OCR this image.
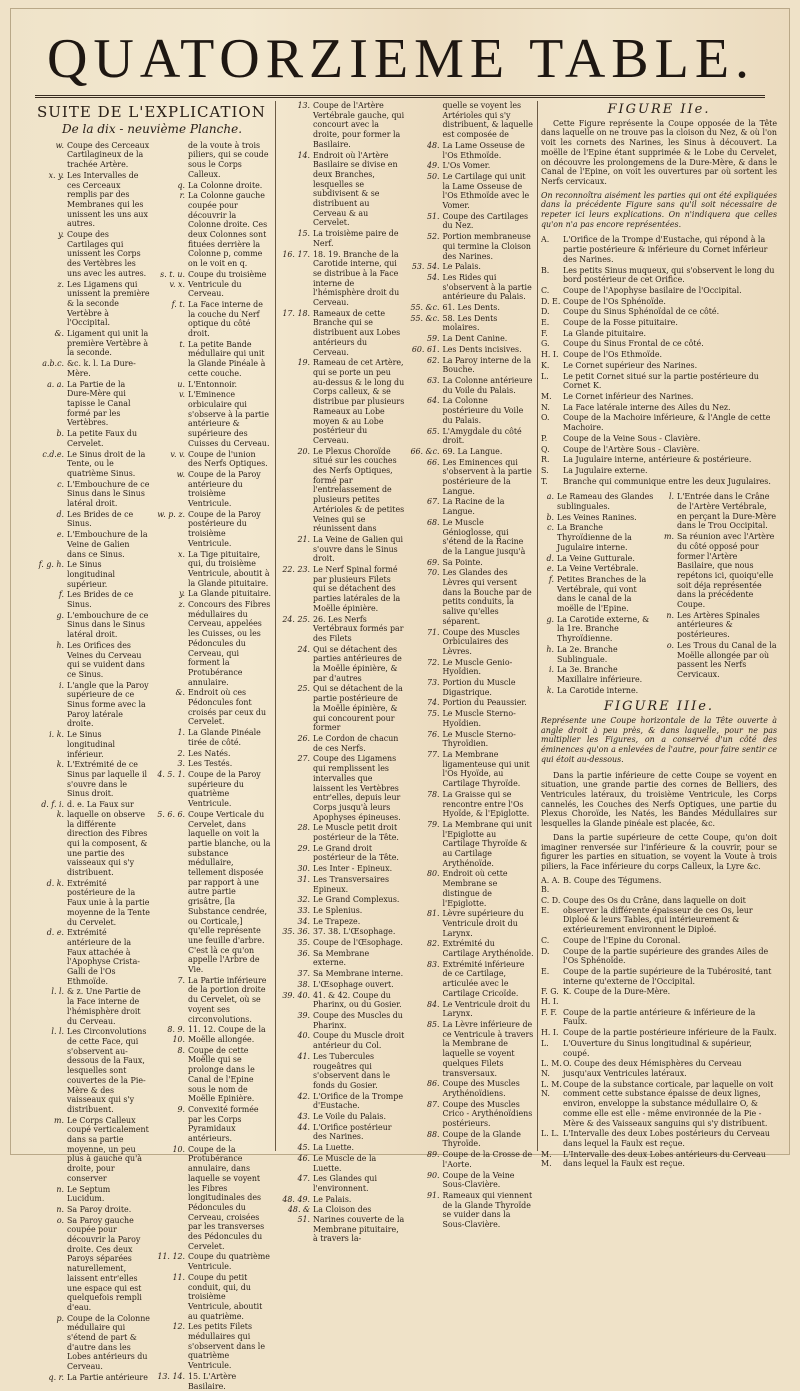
QUATORZIEME TABLE.
SUITE DE L'EXPLICATION
De la dix - neuvième Planche.
w. Coupe des Cerceaux Cartilagineux de la trachée Artère.
x. y. Les Intervalles de ces Cerceaux remplis par des Membranes qui les unissent les uns aux autres.
y. Coupe des Cartilages qui unissent les Corps des Vertèbres les uns avec les autres.
z. Les Ligamens qui unissent la première & la seconde Vertèbre à l'Occipital.
&. Ligament qui unit la première Vertèbre à la seconde.
a.b.c. &c. k. l. La Dure-Mère.
a. a. La Partie de la Dure-Mère qui tapisse le Canal formé par les Vertèbres.
b. La petite Faux du Cervelet.
c.d.e. Le Sinus droit de la Tente, ou le quatrième Sinus.
c. L'Embouchure de ce Sinus dans le Sinus latéral droit.
d. Les Brides de ce Sinus.
e. L'Embouchure de la Veine de Galien dans ce Sinus.
f. g. h. Le Sinus longitudinal supérieur.
f. Les Brides de ce Sinus.
g. L'embouchure de ce Sinus dans le Sinus latéral droit.
h. Les Orifices des Veines du Cerveau qui se vuident dans ce Sinus.
i. L'angle que la Paroy supérieure de ce Sinus forme avec la Paroy latérale droite.
i. k. Le Sinus longitudinal inférieur.
k. L'Extrémité de ce Sinus par laquelle il s'ouvre dans le Sinus droit.
d. f. i. k.
d. e. La Faux sur laquelle on observe la différente direction des Fibres qui la composent, & une partie des vaisseaux qui s'y distribuent.
d. k. Extrémité postérieure de la Faux unie à la partie moyenne de la Tente du Cervelet.
d. e. Extrémité antérieure de la Faux attachée à l'Apophyse Crista-Galli de l'Os Ethmoïde.
l. l. & z. Une Partie de la Face interne de l'hémisphère droit du Cerveau.
l. l. Les Circonvolutions de cette Face, qui s'observent au-dessous de la Faux, lesquelles sont couvertes de la Pie-Mère & des vaisseaux qui s'y distribuent.
m. Le Corps Calleux coupé verticalement dans sa partie moyenne, un peu plus à gauche qu'à droite, pour conserver
n. Le Septum Lucidum.
n. Sa Paroy droite.
o. Sa Paroy gauche coupée pour découvrir la Paroy droite. Ces deux Paroys séparées naturellement, laissent entr'elles une espace qui est quelquefois rempli d'eau.
p. Coupe de la Colonne médullaire qui s'étend de part & d'autre dans les Lobes antérieurs du Cerveau.
q. r. La Partie antérieure
de la voute à trois piliers, qui se coude sous le Corps Calleux.
q. La Colonne droite.
r. La Colonne gauche coupée pour découvrir la Colonne droite. Ces deux Colonnes sont fituées derrière la Colonne p, comme on le voit en q.
s. t. u. v. x.
Coupe du troisième Ventricule du Cerveau.
f. t. La Face interne de la couche du Nerf optique du côté droit.
t. La petite Bande médullaire qui unit la Glande Pinéale à cette couche.
u. L'Entonnoir.
v. L'Eminence orbiculaire qui s'observe à la partie antérieure & supérieure des Cuisses du Cerveau.
v. v. Coupe de l'union des Nerfs Optiques.
w. Coupe de la Paroy antérieure du troisième Ventricule.
w. p. z. Coupe de la Paroy postérieure du troisième Ventricule.
x. La Tige pituitaire, qui, du troisième Ventricule, aboutit à la Glande pituitaire.
y. La Glande pituitaire.
z. Concours des Fibres médullaires du Cerveau, appelées les Cuisses, ou les Pédoncules du Cerveau, qui forment la Protubérance annulaire.
&. Endroit où ces Pédoncules font croisés par ceux du Cervelet.
1. La Glande Pinéale tirée de côté.
2. Les Natés.
3. Les Testés.
4. 5. 1. Coupe de la Paroy supérieure du quatrième Ventricule.
5. 6. 6. Coupe Verticale du Cervelet, dans laquelle on voit la partie blanche, ou la substance médullaire, tellement disposée par rapport à une autre partie grisâtre, [la Substance cendrée, ou Corticale,] qu'elle représente une feuille d'arbre. C'est là ce qu'on appelle l'Arbre de Vie.
7. La Partie inférieure de la portion droite du Cervelet, où se voyent ses circonvolutions.
8. 9. 10.
11. 12. Coupe de la Moëlle allongée.
8. Coupe de cette Moëlle qui se prolonge dans le Canal de l'Epine sous le nom de Moëlle Epinière.
9. Convexité formée par les Corps Pyramidaux antérieurs.
10. Coupe de la Protubérance annulaire, dans laquelle se voyent les Fibres longitudinales des Pédoncules du Cerveau, croisées par les transverses des Pédoncules du Cervelet.
11. 12. Coupe du quatrième Ventricule.
11. Coupe du petit conduit, qui, du troisième Ventricule, aboutit au quatrième.
12. Les petits Filets médullaires qui s'observent dans le quatrième Ventricule.
13. 14. 15. L'Artère Basilaire.
13. Coupe de l'Artère Vertébrale gauche, qui concourt avec la droite, pour former la Basilaire.
14. Endroit où l'Artère Basilaire se divise en deux Branches, lesquelles se subdivisent & se distribuent au Cerveau & au Cervelet.
15. La troisième paire de Nerf.
16. 17. 18. 19. Branche de la Carotide interne, qui se distribue à la Face interne de l'hémisphère droit du Cerveau.
17. 18. Rameaux de cette Branche qui se distribuent aux Lobes antérieurs du Cerveau.
19. Rameau de cet Artère, qui se porte un peu au-dessus & le long du Corps calleux, & se distribue par plusieurs Rameaux au Lobe moyen & au Lobe postérieur du Cerveau.
20. Le Plexus Choroïde situé sur les couches des Nerfs Optiques, formé par l'entrelassement de plusieurs petites Artérioles & de petites Veines qui se réunissent dans
21. La Veine de Galien qui s'ouvre dans le Sinus droit.
22. 23. Le Nerf Spinal formé par plusieurs Filets qui se détachent des parties latérales de la Moëlle épinière.
24. 25. 26. Les Nerfs Vertébraux formés par des Filets
24. Qui se détachent des parties antérieures de la Moëlle épinière, & par d'autres
25. Qui se détachent de la partie postérieure de la Moëlle épinière, & qui concourent pour former
26. Le Cordon de chacun de ces Nerfs.
27. Coupe des Ligamens qui remplissent les intervalles que laissent les Vertèbres entr'elles, depuis leur Corps jusqu'à leurs Apophyses épineuses.
28. Le Muscle petit droit postérieur de la Tête.
29. Le Grand droit postérieur de la Tête.
30. Les Inter - Epineux.
31. Les Transversaires Epineux.
32. Le Grand Complexus.
33. Le Splenius.
34. Le Trapeze.
35. 36. 37. 38. L'Œsophage.
35. Coupe de l'Œsophage.
36. Sa Membrane externe.
37. Sa Membrane interne.
38. L'Œsophage ouvert.
39. 40. 41. & 42. Coupe du Pharinx, ou du Gosier.
39. Coupe des Muscles du Pharinx.
40. Coupe du Muscle droit antérieur du Col.
41. Les Tubercules rougeâtres qui s'observent dans le fonds du Gosier.
42. L'Orifice de la Trompe d'Eustache.
43. Le Voile du Palais.
44. L'Orifice postérieur des Narines.
45. La Luette.
46. Le Muscle de la Luette.
47. Les Glandes qui l'environnent.
48. 49. Le Palais.
48. & 51.
La Cloison des Narines couverte de la Membrane pituitaire, à travers la-
quelle se voyent les Artérioles qui s'y distribuent, & laquelle est composée de
48. La Lame Osseuse de l'Os Ethmoïde.
49. L'Os Vomer.
50. Le Cartilage qui unit la Lame Osseuse de l'Os Ethmoïde avec le Vomer.
51. Coupe des Cartilages du Nez.
52. Portion membraneuse qui termine la Cloison des Narines.
53. 54. Le Palais.
54. Les Rides qui s'observent à la partie antérieure du Palais.
55. &c. 61. Les Dents.
55. &c. 58. Les Dents molaires.
59. La Dent Canine.
60. 61. Les Dents incisives.
62. La Paroy interne de la Bouche.
63. La Colonne antérieure du Voile du Palais.
64. La Colonne postérieure du Voile du Palais.
65. L'Amygdale du côté droit.
66. &c. 69. La Langue.
66. Les Eminences qui s'observent à la partie postérieure de la Langue.
67. La Racine de la Langue.
68. Le Muscle Génioglosse, qui s'étend de la Racine de la Langue jusqu'à
69. Sa Pointe.
70. Les Glandes des Lèvres qui versent dans la Bouche par de petits conduits, la salive qu'elles séparent.
71. Coupe des Muscles Orbiculaires des Lèvres.
72. Le Muscle Genio-Hyoïdien.
73. Portion du Muscle Digastrique.
74. Portion du Peaussier.
75. Le Muscle Sterno-Hyoïdien.
76. Le Muscle Sterno-Thyroïdien.
77. La Membrane ligamenteuse qui unit l'Os Hyoïde, au Cartilage Thyroïde.
78. La Graisse qui se rencontre entre l'Os Hyoïde, & l'Epiglotte.
79. La Membrane qui unit l'Epiglotte au Cartilage Thyroïde & au Cartilage Arythénoïde.
80. Endroit où cette Membrane se distingue de l'Epiglotte.
81. Lèvre supérieure du Ventricule droit du Larynx.
82. Extrémité du Cartilage Arythénoïde.
83. Extrémité inférieure de ce Cartilage, articulée avec le Cartilage Cricoïde.
84. Le Ventricule droit du Larynx.
85. La Lèvre inférieure de ce Ventricule à travers la Membrane de laquelle se voyent quelques Filets transversaux.
86. Coupe des Muscles Arythénoïdiens.
87. Coupe des Muscles Crico - Arythénoïdiens postérieurs.
88. Coupe de la Glande Thyroïde.
89. Coupe de la Crosse de l'Aorte.
90. Coupe de la Veine Sous-Clavière.
91. Rameaux qui viennent de la Glande Thyroïde se vuider dans la Sous-Clavière.
FIGURE IIe.
Cette Figure représente la Coupe opposée de la Tête dans laquelle on ne trouve pas la cloison du Nez, & où l'on voit les cornets des Narines, les Sinus à découvert. La moëlle de l'Epine étant supprimée & le Lobe du Cervelet, on découvre les prolongemens de la Dure-Mère, & dans le Canal de l'Epine, on voit les ouvertures par où sortent les Nerfs cervicaux.
On reconnoîtra aisément les parties qui ont été expliquées dans la précédente Figure sans qu'il soit nécessaire de repeter ici leurs explications. On n'indiquera que celles qu'on n'a pas encore représentées.
A.	L'Orifice de la Trompe d'Eustache, qui répond à la partie postérieure & inférieure du Cornet inférieur des Narines.
B.	Les petits Sinus muqueux, qui s'observent le long du bord postérieur de cet Orifice.
C.	Coupe de l'Apophyse basilaire de l'Occipital.
D. E. Coupe de l'Os Sphénoïde.
D.	Coupe du Sinus Sphénoïdal de ce côté.
E.	Coupe de la Fosse pituitaire.
F.	La Glande pituitaire.
G.	Coupe du Sinus Frontal de ce côté.
H. I. Coupe de l'Os Ethmoïde.
K.	Le Cornet supérieur des Narines.
L.	Le petit Cornet situé sur la partie postérieure du Cornet K.
M.	Le Cornet inférieur des Narines.
N.	La Face latérale interne des Ailes du Nez.
O.	Coupe de la Machoire inférieure, & l'Angle de cette Machoire.
P.	Coupe de la Veine Sous - Clavière.
Q.	Coupe de l'Artère Sous - Clavière.
R.	La Jugulaire interne, antérieure & postérieure.
S.	La Jugulaire externe.
T.	Branche qui communique entre les deux Jugulaires.
a. Le Rameau des Glandes sublinguales.
b. Les Veines Ranines.
c. La Branche Thyroïdienne de la Jugulaire interne.
d. La Veine Gutturale.
e. La Veine Vertébrale.
f. Petites Branches de la Vertébrale, qui vont dans le canal de la moëlle de l'Epine.
g. La Carotide externe, & la 1re. Branche Thyroïdienne.
h. La 2e. Branche Sublinguale.
i. La 3e. Branche Maxillaire inférieure.
k. La Carotide interne.
l. L'Entrée dans le Crâne de l'Artère Vertébrale, en perçant la Dure-Mère dans le Trou Occipital.
m. Sa réunion avec l'Artère du côté opposé pour former l'Artère Basilaire, que nous repétons ici, quoiqu'elle soit déja représentée dans la précédente Coupe.
n. Les Artères Spinales antérieures & postérieures.
o. Les Trous du Canal de la Moëlle allongée par où passent les Nerfs Cervicaux.
FIGURE IIIe.
Représente une Coupe horizontale de la Tête ouverte à angle droit à peu près, & dans laquelle, pour ne pas multiplier les Figures, on a conservé d'un côté des éminences qu'on a enlevées de l'autre, pour faire sentir ce qui étoit au-dessous.
Dans la partie inférieure de cette Coupe se voyent en situation, une grande partie des cornes de Belliers, des Ventricules latéraux, du troisième Ventricule, les Corps cannelés, les Couches des Nerfs Optiques, une partie du Plexus Choroïde, les Natés, les Bandes Médullaires sur lesquelles la Glande pinéale est placée, &c.
Dans la partie supérieure de cette Coupe, qu'on doit imaginer renversée sur l'inférieure & la couvrir, pour se figurer les parties en situation, se voyent la Voute à trois piliers, la Face inférieure du corps Calleux, la Lyre &c.
A. A. B.
B. Coupe des Tégumens.
C. D. E.
Coupe des Os du Crâne, dans laquelle on doit observer la différente épaisseur de ces Os, leur Diploé & leurs Tables, qui intérieurement & extérieurement environnent le Diploé.
C.	Coupe de l'Epine du Coronal.
D.	Coupe de la partie supérieure des grandes Ailes de l'Os Sphénoïde.
E.	Coupe de la partie supérieure de la Tubérosité, tant interne qu'externe de l'Occipital.
F. G. H. I.
K. Coupe de la Dure-Mère.
F. F. Coupe de la partie antérieure & inférieure de la Faulx.
H. I. Coupe de la partie postérieure inférieure de la Faulx.
L.	L'Ouverture du Sinus longitudinal & supérieur, coupé.
L. M. N.
O. Coupe des deux Hémisphères du Cerveau jusqu'aux Ventricules latéraux.
L. M. N.
Coupe de la substance corticale, par laquelle on voit comment cette substance épaisse de deux lignes, environ, enveloppe la substance médullaire O, & comme elle est elle - même environnée de la Pie - Mère & des Vaisseaux sanguins qui s'y distribuent.
L. L. L'Intervalle des deux Lobes postérieurs du Cerveau dans lequel la Faulx est reçue.
M. M.
L'Intervalle des deux Lobes antérieurs du Cerveau dans lequel la Faulx est reçue.
